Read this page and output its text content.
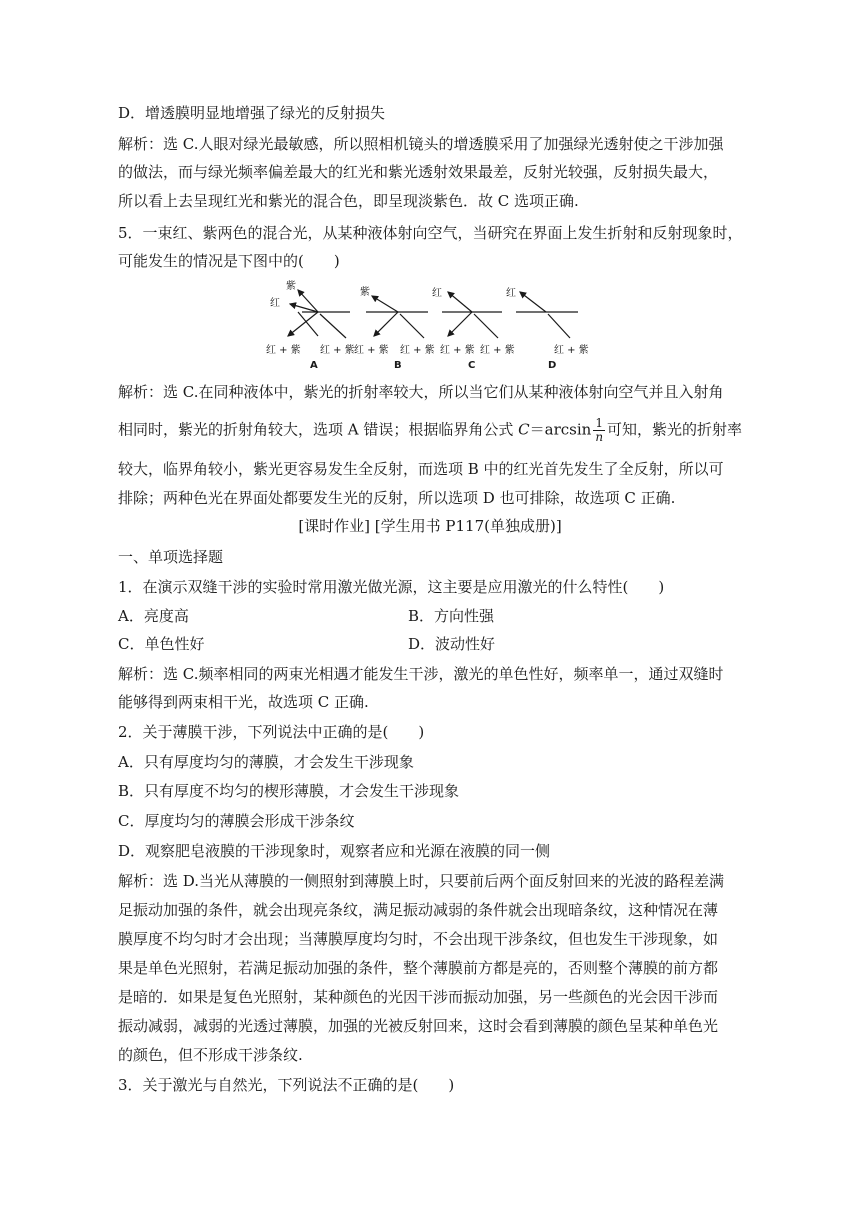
D．增透膜明显地增强了绿光的反射损失
解析：选 C.人眼对绿光最敏感，所以照相机镜头的增透膜采用了加强绿光透射使之干涉加强
的做法，而与绿光频率偏差最大的红光和紫光透射效果最差，反射光较强，反射损失最大，
所以看上去呈现红光和紫光的混合色，即呈现淡紫色．故 C 选项正确.
5．一束红、紫两色的混合光，从某种液体射向空气，当研究在界面上发生折射和反射现象时，
可能发生的情况是下图中的(　　)
紫
红
红 + 紫 红 + 紫
A
紫
红 + 紫 红 + 紫
B
红
红 + 紫 红 + 紫
C
红
红 + 紫
D
解析：选 C.在同种液体中，紫光的折射率较大，所以当它们从某种液体射向空气并且入射角
相同时，紫光的折射角较大，选项 A 错误；根据临界角公式 $C=\arcsin \frac{1}{n}$ 可知，紫光的折射率
较大，临界角较小，紫光更容易发生全反射，而选项 B 中的红光首先发生了全反射，所以可
排除；两种色光在界面处都要发生光的反射，所以选项 D 也可排除，故选项 C 正确.
[课时作业] [学生用书 P117(单独成册)]
一、单项选择题
1．在演示双缝干涉的实验时常用激光做光源，这主要是应用激光的什么特性(　　)
A．亮度高	B．方向性强
C．单色性好	D．波动性好
解析：选 C.频率相同的两束光相遇才能发生干涉，激光的单色性好，频率单一，通过双缝时
能够得到两束相干光，故选项 C 正确.
2．关于薄膜干涉，下列说法中正确的是(　　)
A．只有厚度均匀的薄膜，才会发生干涉现象
B．只有厚度不均匀的楔形薄膜，才会发生干涉现象
C．厚度均匀的薄膜会形成干涉条纹
D．观察肥皂液膜的干涉现象时，观察者应和光源在液膜的同一侧
解析：选 D.当光从薄膜的一侧照射到薄膜上时，只要前后两个面反射回来的光波的路程差满
足振动加强的条件，就会出现亮条纹，满足振动减弱的条件就会出现暗条纹，这种情况在薄
膜厚度不均匀时才会出现；当薄膜厚度均匀时，不会出现干涉条纹，但也发生干涉现象，如
果是单色光照射，若满足振动加强的条件，整个薄膜前方都是亮的，否则整个薄膜的前方都
是暗的．如果是复色光照射，某种颜色的光因干涉而振动加强，另一些颜色的光会因干涉而
振动减弱，减弱的光透过薄膜，加强的光被反射回来，这时会看到薄膜的颜色呈某种单色光
的颜色，但不形成干涉条纹.
3．关于激光与自然光，下列说法不正确的是(　　)
